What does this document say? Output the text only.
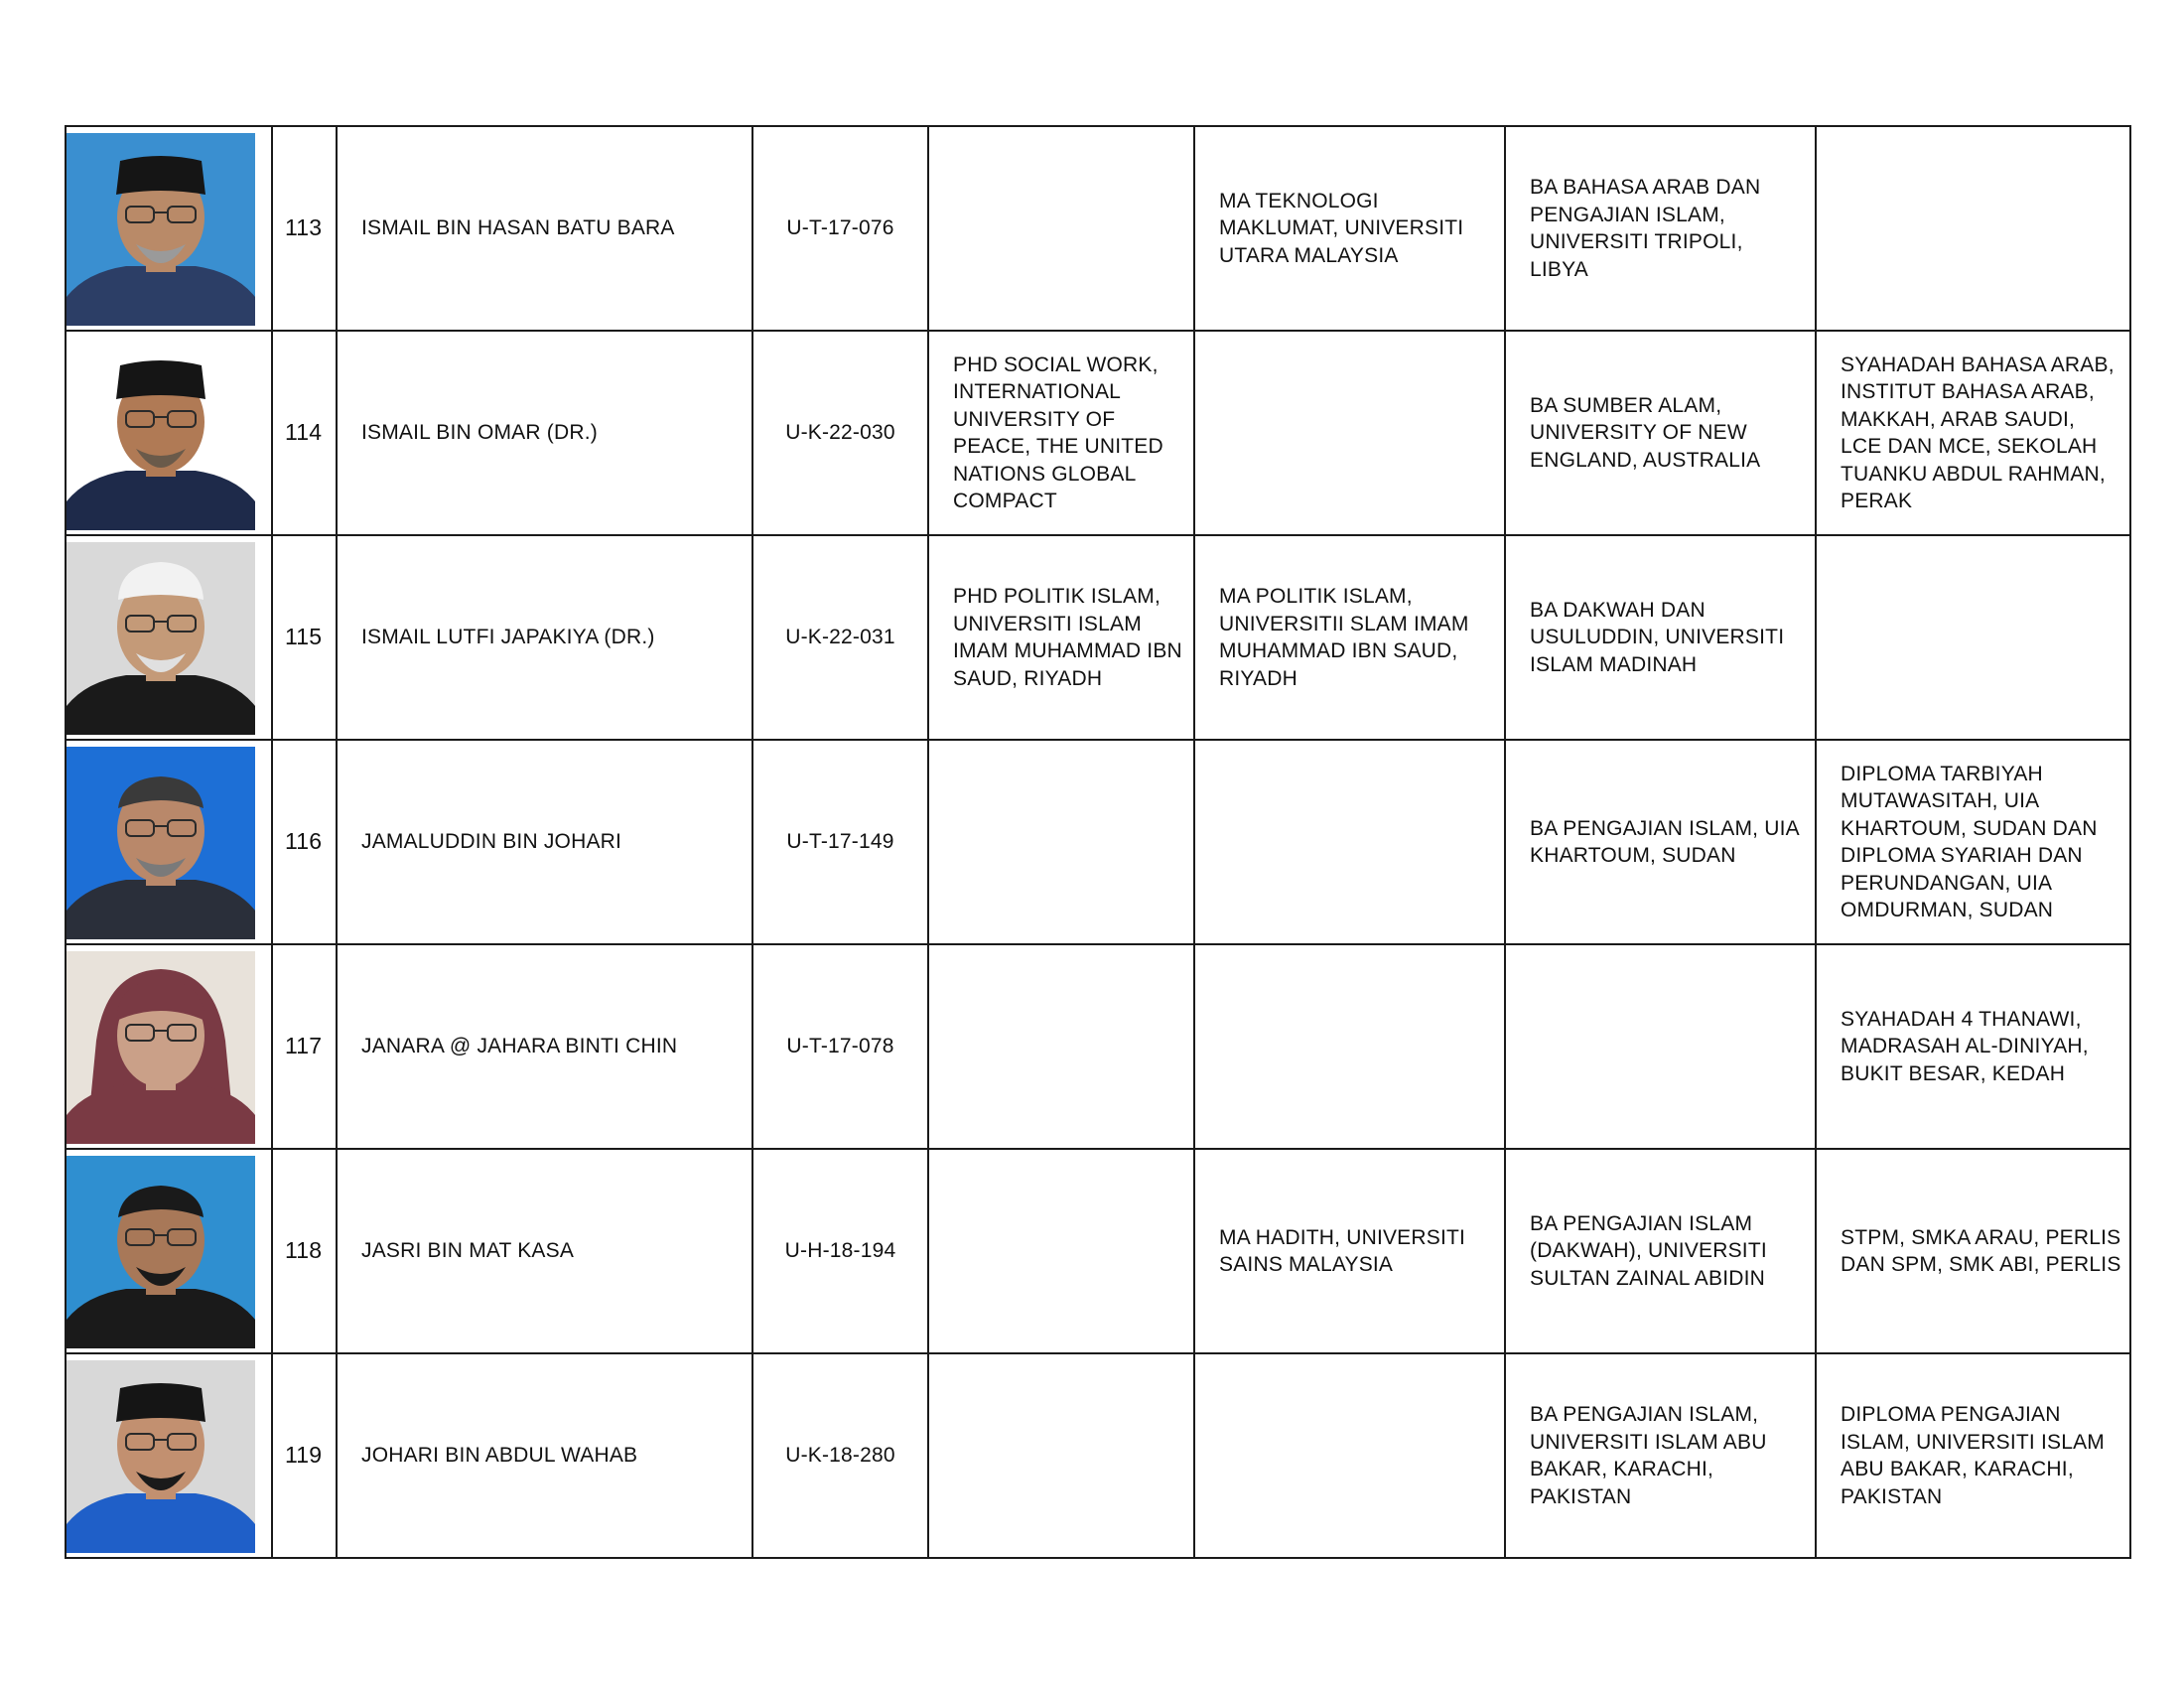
	113	ISMAIL BIN HASAN BATU BARA	U-T-17-076		MA TEKNOLOGI MAKLUMAT, UNIVERSITI UTARA MALAYSIA	BA BAHASA ARAB DAN PENGAJIAN ISLAM, UNIVERSITI TRIPOLI, LIBYA	

	114	ISMAIL BIN OMAR (DR.)	U-K-22-030	PHD SOCIAL WORK, INTERNATIONAL UNIVERSITY OF PEACE, THE UNITED NATIONS GLOBAL COMPACT		BA SUMBER ALAM, UNIVERSITY OF NEW ENGLAND, AUSTRALIA	SYAHADAH BAHASA ARAB, INSTITUT BAHASA ARAB, MAKKAH, ARAB SAUDI, LCE DAN MCE, SEKOLAH TUANKU ABDUL RAHMAN, PERAK

	115	ISMAIL LUTFI JAPAKIYA (DR.)	U-K-22-031	PHD POLITIK ISLAM, UNIVERSITI ISLAM IMAM MUHAMMAD IBN SAUD, RIYADH	MA POLITIK ISLAM, UNIVERSITII SLAM IMAM MUHAMMAD IBN SAUD, RIYADH	BA DAKWAH DAN USULUDDIN, UNIVERSITI ISLAM MADINAH	

	116	JAMALUDDIN BIN JOHARI	U-T-17-149			BA PENGAJIAN ISLAM, UIA KHARTOUM, SUDAN	DIPLOMA TARBIYAH MUTAWASITAH, UIA KHARTOUM, SUDAN DAN DIPLOMA SYARIAH DAN PERUNDANGAN, UIA OMDURMAN, SUDAN

	117	JANARA @ JAHARA BINTI CHIN	U-T-17-078				SYAHADAH 4 THANAWI, MADRASAH AL-DINIYAH, BUKIT BESAR, KEDAH

	118	JASRI BIN MAT KASA	U-H-18-194		MA HADITH, UNIVERSITI SAINS MALAYSIA	BA PENGAJIAN ISLAM (DAKWAH), UNIVERSITI SULTAN ZAINAL ABIDIN	STPM, SMKA ARAU, PERLIS DAN SPM, SMK ABI, PERLIS

	119	JOHARI BIN ABDUL WAHAB	U-K-18-280			BA PENGAJIAN ISLAM, UNIVERSITI ISLAM ABU BAKAR, KARACHI, PAKISTAN	DIPLOMA PENGAJIAN ISLAM, UNIVERSITI ISLAM ABU BAKAR, KARACHI, PAKISTAN
